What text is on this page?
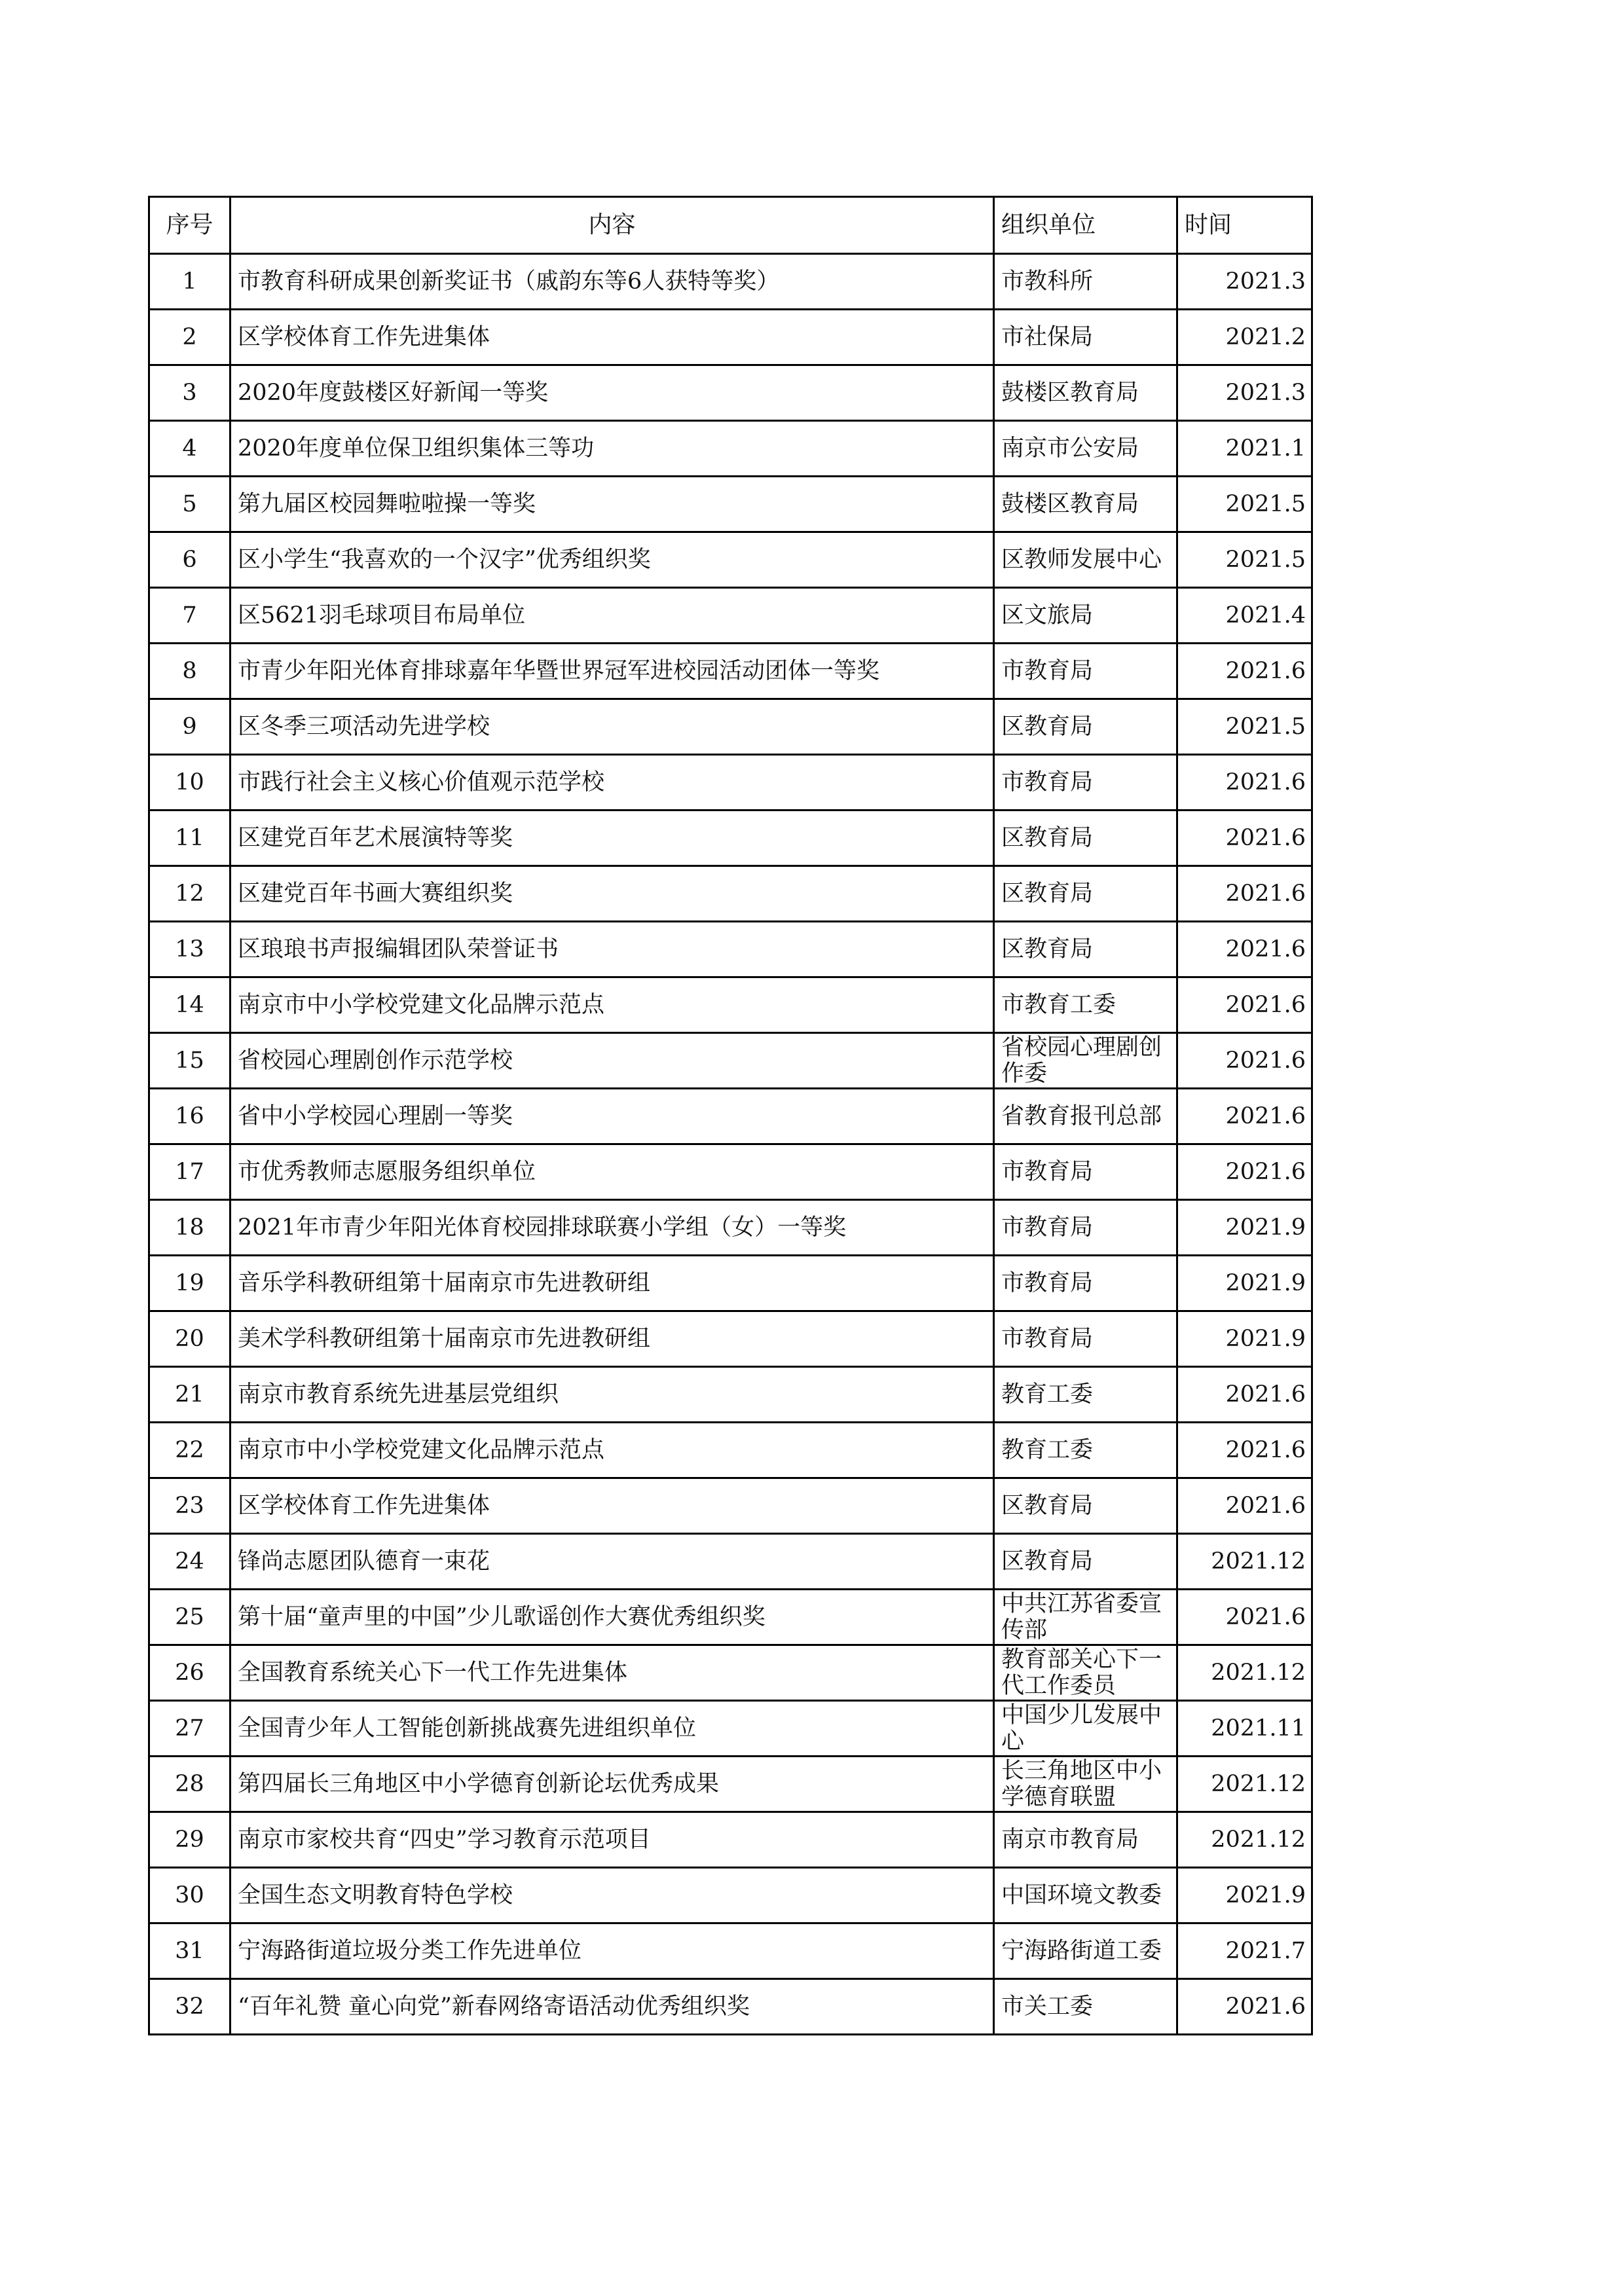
序号	内容	组织单位	时间
1	市教育科研成果创新奖证书（戚韵东等6人获特等奖）	市教科所	2021.3
2	区学校体育工作先进集体	市社保局	2021.2
3	2020年度鼓楼区好新闻一等奖	鼓楼区教育局	2021.3
4	2020年度单位保卫组织集体三等功	南京市公安局	2021.1
5	第九届区校园舞啦啦操一等奖	鼓楼区教育局	2021.5
6	区小学生“我喜欢的一个汉字”优秀组织奖	区教师发展中心	2021.5
7	区5621羽毛球项目布局单位	区文旅局	2021.4
8	市青少年阳光体育排球嘉年华暨世界冠军进校园活动团体一等奖	市教育局	2021.6
9	区冬季三项活动先进学校	区教育局	2021.5
10	市践行社会主义核心价值观示范学校	市教育局	2021.6
11	区建党百年艺术展演特等奖	区教育局	2021.6
12	区建党百年书画大赛组织奖	区教育局	2021.6
13	区琅琅书声报编辑团队荣誉证书	区教育局	2021.6
14	南京市中小学校党建文化品牌示范点	市教育工委	2021.6
15	省校园心理剧创作示范学校	省校园心理剧创作委	2021.6
16	省中小学校园心理剧一等奖	省教育报刊总部	2021.6
17	市优秀教师志愿服务组织单位	市教育局	2021.6
18	2021年市青少年阳光体育校园排球联赛小学组（女）一等奖	市教育局	2021.9
19	音乐学科教研组第十届南京市先进教研组	市教育局	2021.9
20	美术学科教研组第十届南京市先进教研组	市教育局	2021.9
21	南京市教育系统先进基层党组织	教育工委	2021.6
22	南京市中小学校党建文化品牌示范点	教育工委	2021.6
23	区学校体育工作先进集体	区教育局	2021.6
24	锋尚志愿团队德育一束花	区教育局	2021.12
25	第十届“童声里的中国”少儿歌谣创作大赛优秀组织奖	中共江苏省委宣传部	2021.6
26	全国教育系统关心下一代工作先进集体	教育部关心下一代工作委员	2021.12
27	全国青少年人工智能创新挑战赛先进组织单位	中国少儿发展中心	2021.11
28	第四届长三角地区中小学德育创新论坛优秀成果	长三角地区中小学德育联盟	2021.12
29	南京市家校共育“四史”学习教育示范项目	南京市教育局	2021.12
30	全国生态文明教育特色学校	中国环境文教委	2021.9
31	宁海路街道垃圾分类工作先进单位	宁海路街道工委	2021.7
32	“百年礼赞 童心向党”新春网络寄语活动优秀组织奖	市关工委	2021.6
